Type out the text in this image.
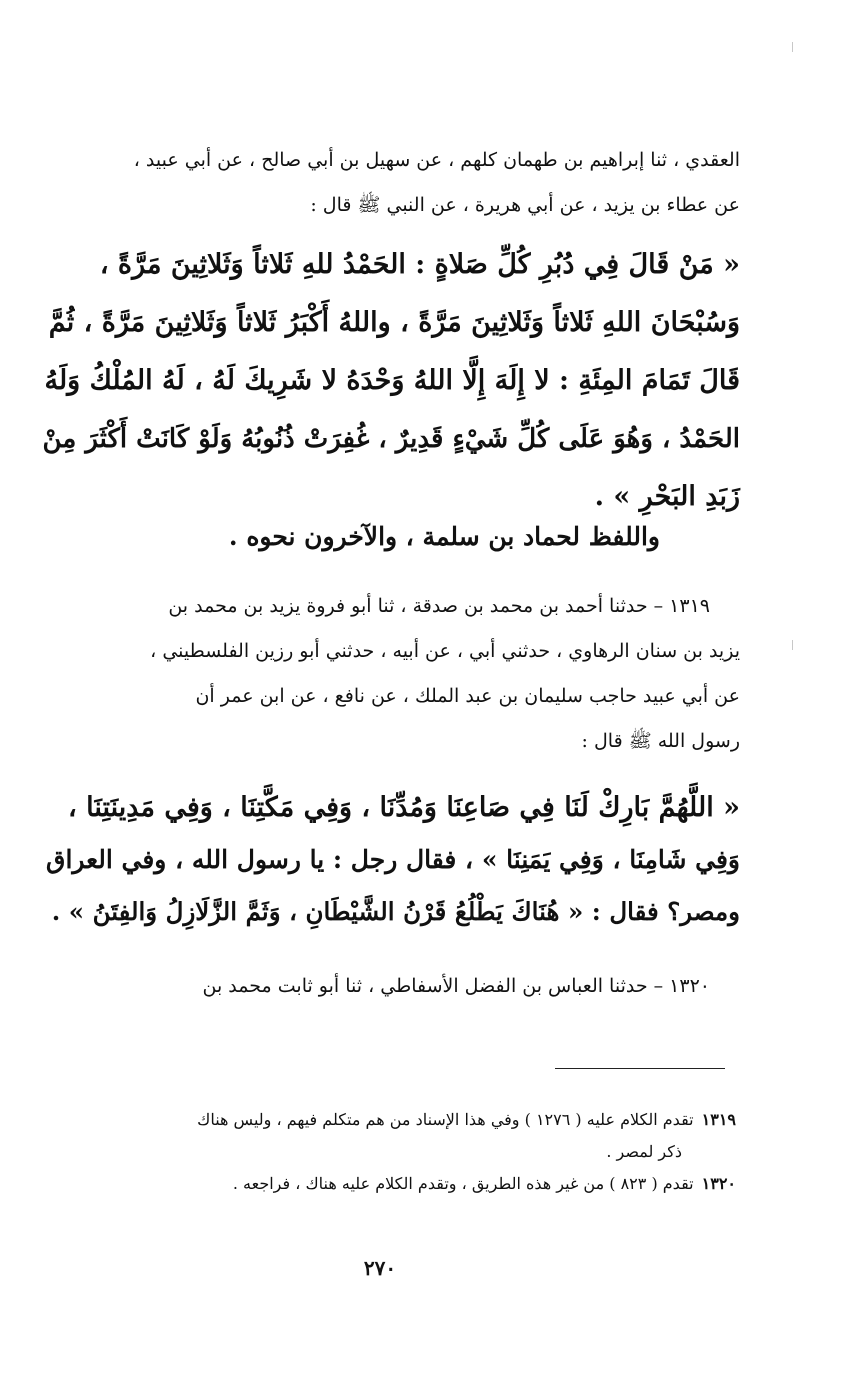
العقدي ، ثنا إبراهيم بن طهمان كلهم ، عن سهيل بن أبي صالح ، عن أبي عبيد ،
عن عطاء بن يزيد ، عن أبي هريرة ، عن النبي ﷺ قال :
« مَنْ قَالَ فِي دُبُرِ كُلِّ صَلاةٍ : الحَمْدُ للهِ ثَلاثاً وَثَلاثِينَ مَرَّةً ،
وَسُبْحَانَ اللهِ ثَلاثاً وَثَلاثِينَ مَرَّةً ، واللهُ أَكْبَرُ ثَلاثاً وَثَلاثِينَ مَرَّةً ، ثُمَّ
قَالَ تَمَامَ المِئَةِ : لا إِلَهَ إِلَّا اللهُ وَحْدَهُ لا شَرِيكَ لَهُ ، لَهُ المُلْكُ وَلَهُ
الحَمْدُ ، وَهُوَ عَلَى كُلِّ شَيْءٍ قَدِيرٌ ، غُفِرَتْ ذُنُوبُهُ وَلَوْ كَانَتْ أَكْثَرَ مِنْ
زَبَدِ البَحْرِ » .
واللفظ لحماد بن سلمة ، والآخرون نحوه .
١٣١٩ – حدثنا أحمد بن محمد بن صدقة ، ثنا أبو فروة يزيد بن محمد بن
يزيد بن سنان الرهاوي ، حدثني أبي ، عن أبيه ، حدثني أبو رزين الفلسطيني ،
عن أبي عبيد حاجب سليمان بن عبد الملك ، عن نافع ، عن ابن عمر أن
رسول الله ﷺ قال :
« اللَّهُمَّ بَارِكْ لَنَا فِي صَاعِنَا وَمُدِّنَا ، وَفِي مَكَّتِنَا ، وَفِي مَدِينَتِنَا ،
وَفِي شَامِنَا ، وَفِي يَمَنِنَا » ، فقال رجل : يا رسول الله ، وفي العراق
ومصر؟ فقال : « هُنَاكَ يَطْلُعُ قَرْنُ الشَّيْطَانِ ، وَثَمَّ الزَّلَازِلُ وَالفِتَنُ » .
١٣٢٠ – حدثنا العباس بن الفضل الأسفاطي ، ثنا أبو ثابت محمد بن
١٣١٩تقدم الكلام عليه ( ١٢٧٦ ) وفي هذا الإسناد من هم متكلم فيهم ، وليس هناك
ذكر لمصر .
١٣٢٠تقدم ( ٨٢٣ ) من غير هذه الطريق ، وتقدم الكلام عليه هناك ، فراجعه .
٢٧٠
